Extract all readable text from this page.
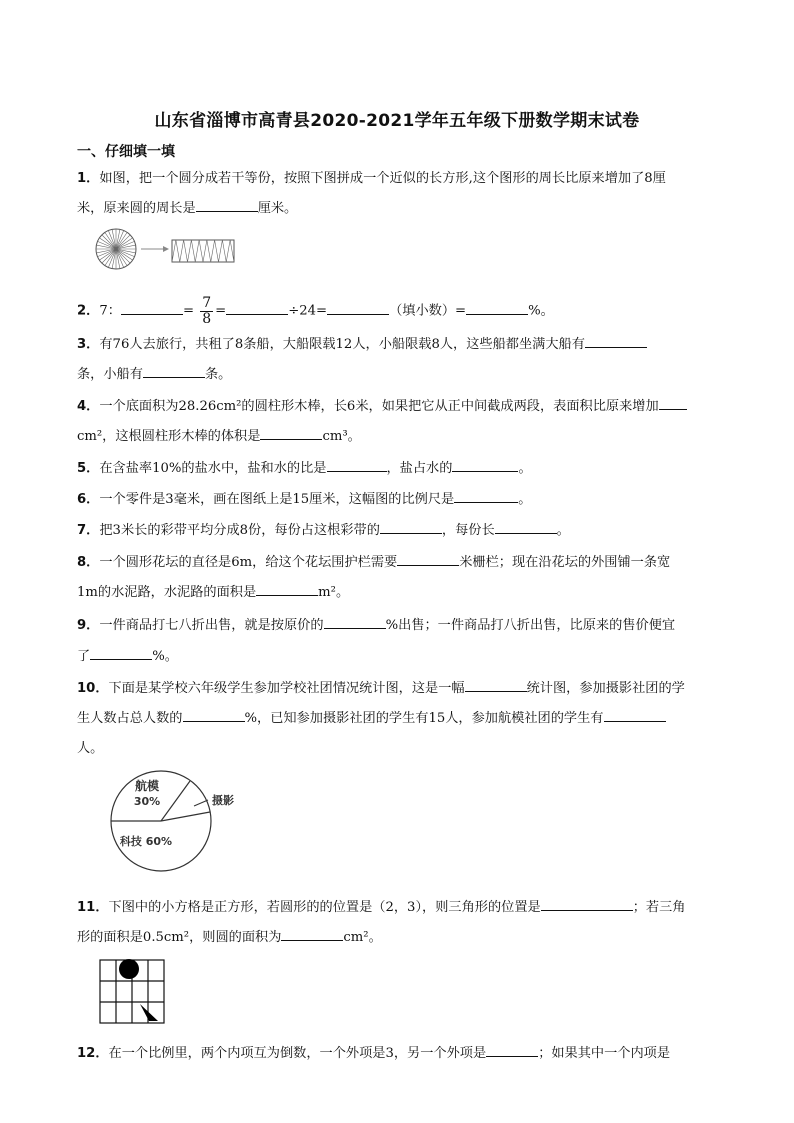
山东省淄博市高青县2020-2021学年五年级下册数学期末试卷
一、仔细填一填
1．如图，把一个圆分成若干等份，按照下图拼成一个近似的长方形,这个图形的周长比原来增加了8厘
米，原来圆的周长是	厘米。
2．7：	= $\frac{7}{8}$ =	÷24=	（填小数）=	%。
3．有76人去旅行，共租了8条船，大船限载12人，小船限载8人，这些船都坐满大船有
条，小船有	条。
4．一个底面积为28.26cm²的圆柱形木棒，长6米，如果把它从正中间截成两段，表面积比原来增加
cm²，这根圆柱形木棒的体积是	cm³。
5．在含盐率10%的盐水中，盐和水的比是	，盐占水的	。
6．一个零件是3毫米，画在图纸上是15厘米，这幅图的比例尺是	。
7．把3米长的彩带平均分成8份，每份占这根彩带的	，每份长	。
8．一个圆形花坛的直径是6m，给这个花坛围护栏需要	米栅栏；现在沿花坛的外围铺一条宽
1m的水泥路，水泥路的面积是	m²。
9．一件商品打七八折出售，就是按原价的	%出售；一件商品打八折出售，比原来的售价便宜
了	%。
10．下面是某学校六年级学生参加学校社团情况统计图，这是一幅	统计图，参加摄影社团的学
生人数占总人数的	%，已知参加摄影社团的学生有15人，参加航模社团的学生有
人。
航模
30%	摄影
科技 60%
11．下图中的小方格是正方形，若圆形的的位置是（2，3），则三角形的位置是	；若三角
形的面积是0.5cm²，则圆的面积为	cm²。
12．在一个比例里，两个内项互为倒数，一个外项是3，另一个外项是	；如果其中一个内项是
